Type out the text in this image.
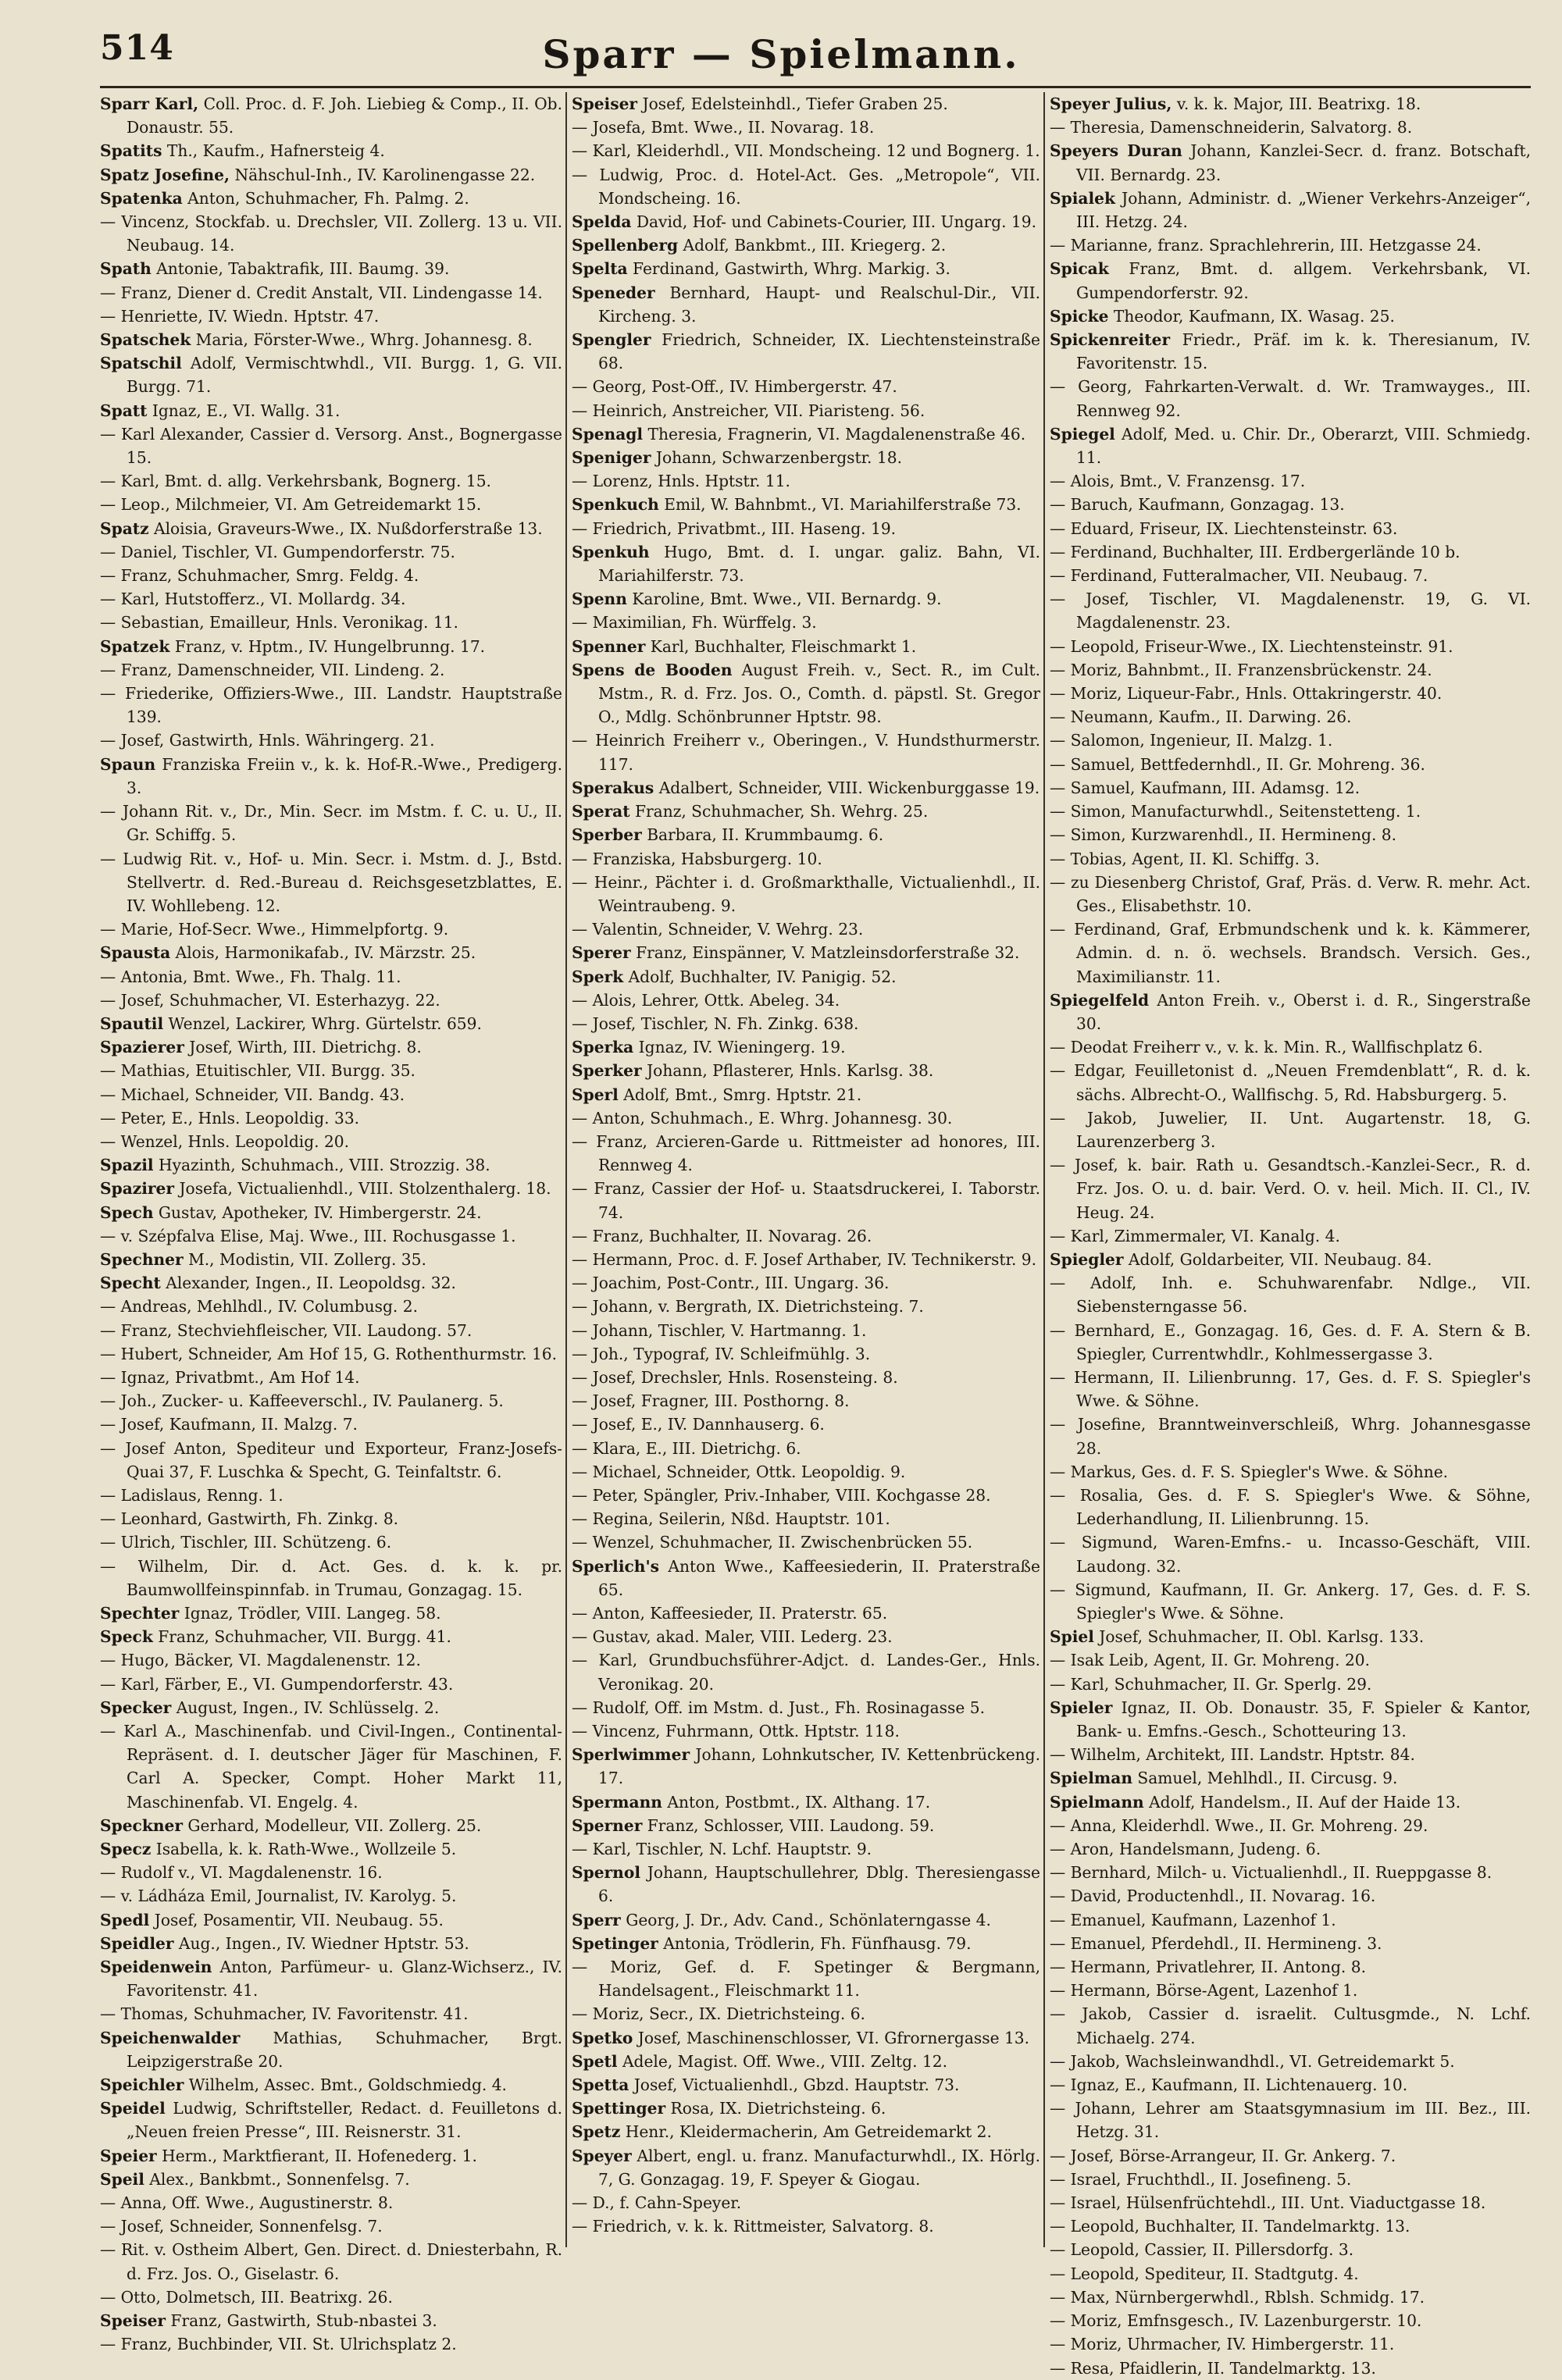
514	Sparr — Spielmann.

Sparr Karl, Coll. Proc. d. F. Joh. Liebieg & Comp., II. Ob. Donaustr. 55.

Spatits Th., Kaufm., Hafnersteig 4.

Spatz Josefine, Nähschul-Inh., IV. Karolinengasse 22.

Spatenka Anton, Schuhmacher, Fh. Palmg. 2.

— Vincenz, Stockfab. u. Drechsler, VII. Zollerg. 13 u. VII. Neubaug. 14.

Spath Antonie, Tabaktrafik, III. Baumg. 39.

— Franz, Diener d. Credit Anstalt, VII. Lindengasse 14.

— Henriette, IV. Wiedn. Hptstr. 47.

Spatschek Maria, Förster-Wwe., Whrg. Johannesg. 8.

Spatschil Adolf, Vermischtwhdl., VII. Burgg. 1, G. VII. Burgg. 71.

Spatt Ignaz, E., VI. Wallg. 31.

— Karl Alexander, Cassier d. Versorg. Anst., Bognergasse 15.

— Karl, Bmt. d. allg. Verkehrsbank, Bognerg. 15.

— Leop., Milchmeier, VI. Am Getreidemarkt 15.

Spatz Aloisia, Graveurs-Wwe., IX. Nußdorferstraße 13.

— Daniel, Tischler, VI. Gumpendorferstr. 75.

— Franz, Schuhmacher, Smrg. Feldg. 4.

— Karl, Hutstofferz., VI. Mollardg. 34.

— Sebastian, Emailleur, Hnls. Veronikag. 11.

Spatzek Franz, v. Hptm., IV. Hungelbrunng. 17.

— Franz, Damenschneider, VII. Lindeng. 2.

— Friederike, Offiziers-Wwe., III. Landstr. Hauptstraße 139.

— Josef, Gastwirth, Hnls. Währingerg. 21.

Spaun Franziska Freiin v., k. k. Hof-R.-Wwe., Predigerg. 3.

— Johann Rit. v., Dr., Min. Secr. im Mstm. f. C. u. U., II. Gr. Schiffg. 5.

— Ludwig Rit. v., Hof- u. Min. Secr. i. Mstm. d. J., Bstd. Stellvertr. d. Red.-Bureau d. Reichsgesetzblattes, E. IV. Wohllebeng. 12.

— Marie, Hof-Secr. Wwe., Himmelpfortg. 9.

Spausta Alois, Harmonikafab., IV. Märzstr. 25.

— Antonia, Bmt. Wwe., Fh. Thalg. 11.

— Josef, Schuhmacher, VI. Esterhazyg. 22.

Spautil Wenzel, Lackirer, Whrg. Gürtelstr. 659.

Spazierer Josef, Wirth, III. Dietrichg. 8.

— Mathias, Etuitischler, VII. Burgg. 35.

— Michael, Schneider, VII. Bandg. 43.

— Peter, E., Hnls. Leopoldig. 33.

— Wenzel, Hnls. Leopoldig. 20.

Spazil Hyazinth, Schuhmach., VIII. Strozzig. 38.

Spazirer Josefa, Victualienhdl., VIII. Stolzenthalerg. 18.

Spech Gustav, Apotheker, IV. Himbergerstr. 24.

— v. Szépfalva Elise, Maj. Wwe., III. Rochusgasse 1.

Spechner M., Modistin, VII. Zollerg. 35.

Specht Alexander, Ingen., II. Leopoldsg. 32.

— Andreas, Mehlhdl., IV. Columbusg. 2.

— Franz, Stechviehfleischer, VII. Laudong. 57.

— Hubert, Schneider, Am Hof 15, G. Rothenthurmstr. 16.

— Ignaz, Privatbmt., Am Hof 14.

— Joh., Zucker- u. Kaffeeverschl., IV. Paulanerg. 5.

— Josef, Kaufmann, II. Malzg. 7.

— Josef Anton, Spediteur und Exporteur, Franz-Josefs-Quai 37, F. Luschka & Specht, G. Teinfaltstr. 6.

— Ladislaus, Renng. 1.

— Leonhard, Gastwirth, Fh. Zinkg. 8.

— Ulrich, Tischler, III. Schützeng. 6.

— Wilhelm, Dir. d. Act. Ges. d. k. k. pr. Baumwollfeinspinnfab. in Trumau, Gonzagag. 15.

Spechter Ignaz, Trödler, VIII. Langeg. 58.

Speck Franz, Schuhmacher, VII. Burgg. 41.

— Hugo, Bäcker, VI. Magdalenenstr. 12.

— Karl, Färber, E., VI. Gumpendorferstr. 43.

Specker August, Ingen., IV. Schlüsselg. 2.

— Karl A., Maschinenfab. und Civil-Ingen., Continental-Repräsent. d. I. deutscher Jäger für Maschinen, F. Carl A. Specker, Compt. Hoher Markt 11, Maschinenfab. VI. Engelg. 4.

Speckner Gerhard, Modelleur, VII. Zollerg. 25.

Specz Isabella, k. k. Rath-Wwe., Wollzeile 5.

— Rudolf v., VI. Magdalenenstr. 16.

— v. Ládháza Emil, Journalist, IV. Karolyg. 5.

Spedl Josef, Posamentir, VII. Neubaug. 55.

Speidler Aug., Ingen., IV. Wiedner Hptstr. 53.

Speidenwein Anton, Parfümeur- u. Glanz-Wichserz., IV. Favoritenstr. 41.

— Thomas, Schuhmacher, IV. Favoritenstr. 41.

Speichenwalder Mathias, Schuhmacher, Brgt. Leipzigerstraße 20.

Speichler Wilhelm, Assec. Bmt., Goldschmiedg. 4.

Speidel Ludwig, Schriftsteller, Redact. d. Feuilletons d. „Neuen freien Presse“, III. Reisnerstr. 31.

Speier Herm., Marktfierant, II. Hofenederg. 1.

Speil Alex., Bankbmt., Sonnenfelsg. 7.

— Anna, Off. Wwe., Augustinerstr. 8.

— Josef, Schneider, Sonnenfelsg. 7.

— Rit. v. Ostheim Albert, Gen. Direct. d. Dniesterbahn, R. d. Frz. Jos. O., Giselastr. 6.

— Otto, Dolmetsch, III. Beatrixg. 26.

Speiser Franz, Gastwirth, Stub-nbastei 3.

— Franz, Buchbinder, VII. St. Ulrichsplatz 2.

Speiser Josef, Edelsteinhdl., Tiefer Graben 25.

— Josefa, Bmt. Wwe., II. Novarag. 18.

— Karl, Kleiderhdl., VII. Mondscheing. 12 und Bognerg. 1.

— Ludwig, Proc. d. Hotel-Act. Ges. „Metropole“, VII. Mondscheing. 16.

Spelda David, Hof- und Cabinets-Courier, III. Ungarg. 19.

Spellenberg Adolf, Bankbmt., III. Kriegerg. 2.

Spelta Ferdinand, Gastwirth, Whrg. Markig. 3.

Speneder Bernhard, Haupt- und Realschul-Dir., VII. Kircheng. 3.

Spengler Friedrich, Schneider, IX. Liechtensteinstraße 68.

— Georg, Post-Off., IV. Himbergerstr. 47.

— Heinrich, Anstreicher, VII. Piaristeng. 56.

Spenagl Theresia, Fragnerin, VI. Magdalenenstraße 46.

Speniger Johann, Schwarzenbergstr. 18.

— Lorenz, Hnls. Hptstr. 11.

Spenkuch Emil, W. Bahnbmt., VI. Mariahilferstraße 73.

— Friedrich, Privatbmt., III. Haseng. 19.

Spenkuh Hugo, Bmt. d. I. ungar. galiz. Bahn, VI. Mariahilferstr. 73.

Spenn Karoline, Bmt. Wwe., VII. Bernardg. 9.

— Maximilian, Fh. Würffelg. 3.

Spenner Karl, Buchhalter, Fleischmarkt 1.

Spens de Booden August Freih. v., Sect. R., im Cult. Mstm., R. d. Frz. Jos. O., Comth. d. päpstl. St. Gregor O., Mdlg. Schönbrunner Hptstr. 98.

— Heinrich Freiherr v., Oberingen., V. Hundsthurmerstr. 117.

Sperakus Adalbert, Schneider, VIII. Wickenburggasse 19.

Sperat Franz, Schuhmacher, Sh. Wehrg. 25.

Sperber Barbara, II. Krummbaumg. 6.

— Franziska, Habsburgerg. 10.

— Heinr., Pächter i. d. Großmarkthalle, Victualienhdl., II. Weintraubeng. 9.

— Valentin, Schneider, V. Wehrg. 23.

Sperer Franz, Einspänner, V. Matzleinsdorferstraße 32.

Sperk Adolf, Buchhalter, IV. Panigig. 52.

— Alois, Lehrer, Ottk. Abeleg. 34.

— Josef, Tischler, N. Fh. Zinkg. 638.

Sperka Ignaz, IV. Wieningerg. 19.

Sperker Johann, Pflasterer, Hnls. Karlsg. 38.

Sperl Adolf, Bmt., Smrg. Hptstr. 21.

— Anton, Schuhmach., E. Whrg. Johannesg. 30.

— Franz, Arcieren-Garde u. Rittmeister ad honores, III. Rennweg 4.

— Franz, Cassier der Hof- u. Staatsdruckerei, I. Taborstr. 74.

— Franz, Buchhalter, II. Novarag. 26.

— Hermann, Proc. d. F. Josef Arthaber, IV. Technikerstr. 9.

— Joachim, Post-Contr., III. Ungarg. 36.

— Johann, v. Bergrath, IX. Dietrichsteing. 7.

— Johann, Tischler, V. Hartmanng. 1.

— Joh., Typograf, IV. Schleifmühlg. 3.

— Josef, Drechsler, Hnls. Rosensteing. 8.

— Josef, Fragner, III. Posthorng. 8.

— Josef, E., IV. Dannhauserg. 6.

— Klara, E., III. Dietrichg. 6.

— Michael, Schneider, Ottk. Leopoldig. 9.

— Peter, Spängler, Priv.-Inhaber, VIII. Kochgasse 28.

— Regina, Seilerin, Nßd. Hauptstr. 101.

— Wenzel, Schuhmacher, II. Zwischenbrücken 55.

Sperlich's Anton Wwe., Kaffeesiederin, II. Praterstraße 65.

— Anton, Kaffeesieder, II. Praterstr. 65.

— Gustav, akad. Maler, VIII. Lederg. 23.

— Karl, Grundbuchsführer-Adjct. d. Landes-Ger., Hnls. Veronikag. 20.

— Rudolf, Off. im Mstm. d. Just., Fh. Rosinagasse 5.

— Vincenz, Fuhrmann, Ottk. Hptstr. 118.

Sperlwimmer Johann, Lohnkutscher, IV. Kettenbrückeng. 17.

Spermann Anton, Postbmt., IX. Althang. 17.

Sperner Franz, Schlosser, VIII. Laudong. 59.

— Karl, Tischler, N. Lchf. Hauptstr. 9.

Spernol Johann, Hauptschullehrer, Dblg. Theresiengasse 6.

Sperr Georg, J. Dr., Adv. Cand., Schönlaterngasse 4.

Spetinger Antonia, Trödlerin, Fh. Fünfhausg. 79.

— Moriz, Gef. d. F. Spetinger & Bergmann, Handelsagent., Fleischmarkt 11.

— Moriz, Secr., IX. Dietrichsteing. 6.

Spetko Josef, Maschinenschlosser, VI. Gfrornergasse 13.

Spetl Adele, Magist. Off. Wwe., VIII. Zeltg. 12.

Spetta Josef, Victualienhdl., Gbzd. Hauptstr. 73.

Spettinger Rosa, IX. Dietrichsteing. 6.

Spetz Henr., Kleidermacherin, Am Getreidemarkt 2.

Speyer Albert, engl. u. franz. Manufacturwhdl., IX. Hörlg. 7, G. Gonzagag. 19, F. Speyer & Giogau.

— D., f. Cahn-Speyer.

— Friedrich, v. k. k. Rittmeister, Salvatorg. 8.

Speyer Julius, v. k. k. Major, III. Beatrixg. 18.

— Theresia, Damenschneiderin, Salvatorg. 8.

Speyers Duran Johann, Kanzlei-Secr. d. franz. Botschaft, VII. Bernardg. 23.

Spialek Johann, Administr. d. „Wiener Verkehrs-Anzeiger“, III. Hetzg. 24.

— Marianne, franz. Sprachlehrerin, III. Hetzgasse 24.

Spicak Franz, Bmt. d. allgem. Verkehrsbank, VI. Gumpendorferstr. 92.

Spicke Theodor, Kaufmann, IX. Wasag. 25.

Spickenreiter Friedr., Präf. im k. k. Theresianum, IV. Favoritenstr. 15.

— Georg, Fahrkarten-Verwalt. d. Wr. Tramwayges., III. Rennweg 92.

Spiegel Adolf, Med. u. Chir. Dr., Oberarzt, VIII. Schmiedg. 11.

— Alois, Bmt., V. Franzensg. 17.

— Baruch, Kaufmann, Gonzagag. 13.

— Eduard, Friseur, IX. Liechtensteinstr. 63.

— Ferdinand, Buchhalter, III. Erdbergerlände 10 b.

— Ferdinand, Futteralmacher, VII. Neubaug. 7.

— Josef, Tischler, VI. Magdalenenstr. 19, G. VI. Magdalenenstr. 23.

— Leopold, Friseur-Wwe., IX. Liechtensteinstr. 91.

— Moriz, Bahnbmt., II. Franzensbrückenstr. 24.

— Moriz, Liqueur-Fabr., Hnls. Ottakringerstr. 40.

— Neumann, Kaufm., II. Darwing. 26.

— Salomon, Ingenieur, II. Malzg. 1.

— Samuel, Bettfedernhdl., II. Gr. Mohreng. 36.

— Samuel, Kaufmann, III. Adamsg. 12.

— Simon, Manufacturwhdl., Seitenstetteng. 1.

— Simon, Kurzwarenhdl., II. Hermineng. 8.

— Tobias, Agent, II. Kl. Schiffg. 3.

— zu Diesenberg Christof, Graf, Präs. d. Verw. R. mehr. Act. Ges., Elisabethstr. 10.

— Ferdinand, Graf, Erbmundschenk und k. k. Kämmerer, Admin. d. n. ö. wechsels. Brandsch. Versich. Ges., Maximilianstr. 11.

Spiegelfeld Anton Freih. v., Oberst i. d. R., Singerstraße 30.

— Deodat Freiherr v., v. k. k. Min. R., Wallfischplatz 6.

— Edgar, Feuilletonist d. „Neuen Fremdenblatt“, R. d. k. sächs. Albrecht-O., Wallfischg. 5, Rd. Habsburgerg. 5.

— Jakob, Juwelier, II. Unt. Augartenstr. 18, G. Laurenzerberg 3.

— Josef, k. bair. Rath u. Gesandtsch.-Kanzlei-Secr., R. d. Frz. Jos. O. u. d. bair. Verd. O. v. heil. Mich. II. Cl., IV. Heug. 24.

— Karl, Zimmermaler, VI. Kanalg. 4.

Spiegler Adolf, Goldarbeiter, VII. Neubaug. 84.

— Adolf, Inh. e. Schuhwarenfabr. Ndlge., VII. Siebensterngasse 56.

— Bernhard, E., Gonzagag. 16, Ges. d. F. A. Stern & B. Spiegler, Currentwhdlr., Kohlmessergasse 3.

— Hermann, II. Lilienbrunng. 17, Ges. d. F. S. Spiegler's Wwe. & Söhne.

— Josefine, Branntweinverschleiß, Whrg. Johannesgasse 28.

— Markus, Ges. d. F. S. Spiegler's Wwe. & Söhne.

— Rosalia, Ges. d. F. S. Spiegler's Wwe. & Söhne, Lederhandlung, II. Lilienbrunng. 15.

— Sigmund, Waren-Emfns.- u. Incasso-Geschäft, VIII. Laudong. 32.

— Sigmund, Kaufmann, II. Gr. Ankerg. 17, Ges. d. F. S. Spiegler's Wwe. & Söhne.

Spiel Josef, Schuhmacher, II. Obl. Karlsg. 133.

— Isak Leib, Agent, II. Gr. Mohreng. 20.

— Karl, Schuhmacher, II. Gr. Sperlg. 29.

Spieler Ignaz, II. Ob. Donaustr. 35, F. Spieler & Kantor, Bank- u. Emfns.-Gesch., Schotteuring 13.

— Wilhelm, Architekt, III. Landstr. Hptstr. 84.

Spielman Samuel, Mehlhdl., II. Circusg. 9.

Spielmann Adolf, Handelsm., II. Auf der Haide 13.

— Anna, Kleiderhdl. Wwe., II. Gr. Mohreng. 29.

— Aron, Handelsmann, Judeng. 6.

— Bernhard, Milch- u. Victualienhdl., II. Rueppgasse 8.

— David, Productenhdl., II. Novarag. 16.

— Emanuel, Kaufmann, Lazenhof 1.

— Emanuel, Pferdehdl., II. Hermineng. 3.

— Hermann, Privatlehrer, II. Antong. 8.

— Hermann, Börse-Agent, Lazenhof 1.

— Jakob, Cassier d. israelit. Cultusgmde., N. Lchf. Michaelg. 274.

— Jakob, Wachsleinwandhdl., VI. Getreidemarkt 5.

— Ignaz, E., Kaufmann, II. Lichtenauerg. 10.

— Johann, Lehrer am Staatsgymnasium im III. Bez., III. Hetzg. 31.

— Josef, Börse-Arrangeur, II. Gr. Ankerg. 7.

— Israel, Fruchthdl., II. Josefineng. 5.

— Israel, Hülsenfrüchtehdl., III. Unt. Viaductgasse 18.

— Leopold, Buchhalter, II. Tandelmarktg. 13.

— Leopold, Cassier, II. Pillersdorfg. 3.

— Leopold, Spediteur, II. Stadtgutg. 4.

— Max, Nürnbergerwhdl., Rblsh. Schmidg. 17.

— Moriz, Emfnsgesch., IV. Lazenburgerstr. 10.

— Moriz, Uhrmacher, IV. Himbergerstr. 11.

— Resa, Pfaidlerin, II. Tandelmarktg. 13.
